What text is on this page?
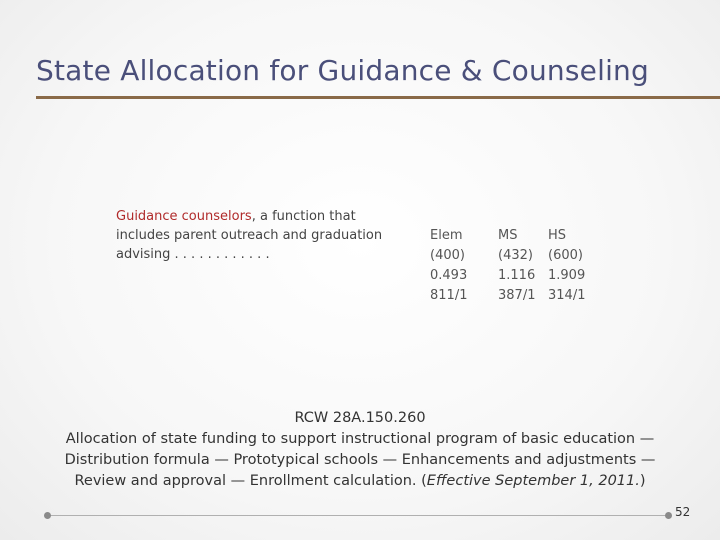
State Allocation for Guidance & Counseling
Guidance counselors, a function that includes parent outreach and graduation advising . . . . . . . . . . . .
Elem
(400)
0.493
811/1
MS
(432)
1.116
387/1
HS
(600)
1.909
314/1

RCW 28A.150.260

Allocation of state funding to support instructional program of basic education —

Distribution formula — Prototypical schools — Enhancements and adjustments —

Review and approval — Enrollment calculation. (Effective September 1, 2011.)

52
